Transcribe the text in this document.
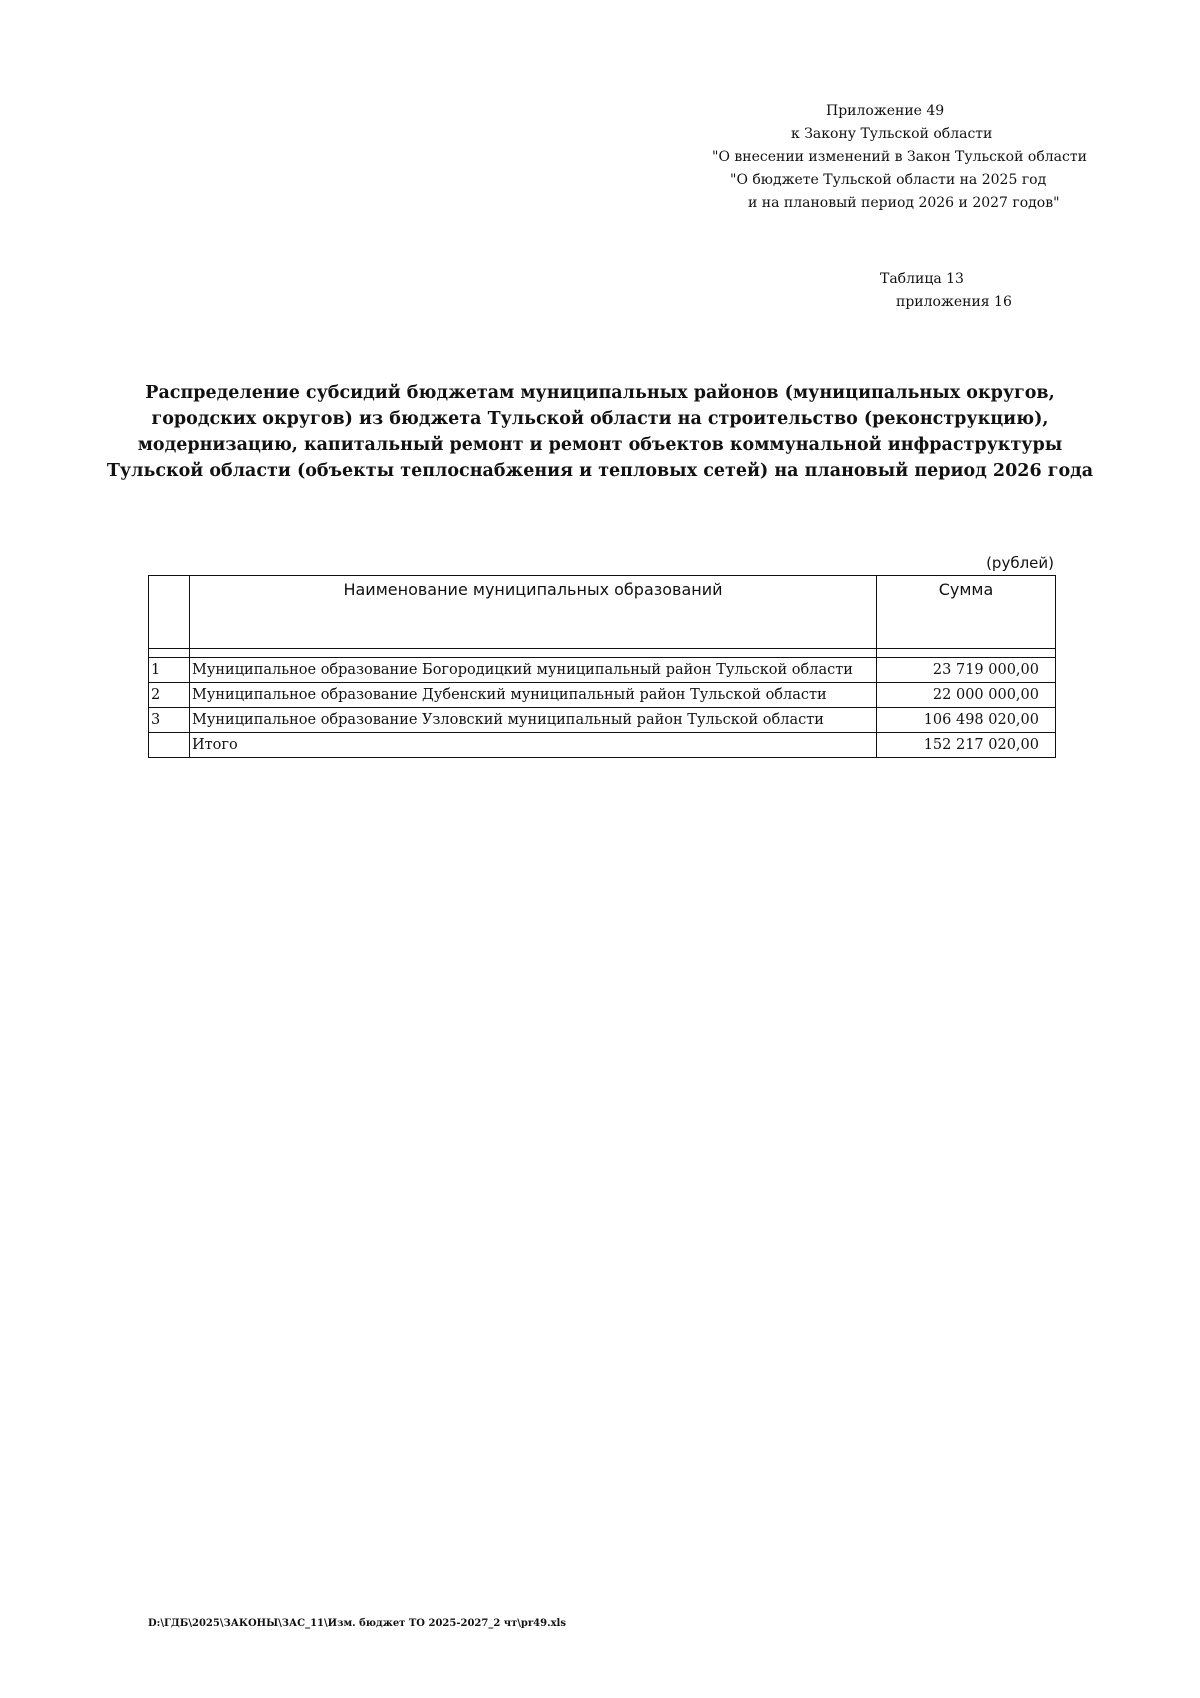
Приложение 49
к Закону Тульской области
"О внесении изменений в Закон Тульской области
"О бюджете Тульской области на 2025 год
и на плановый период 2026 и 2027 годов"
Таблица 13
приложения 16
Распределение субсидий бюджетам муниципальных районов (муниципальных округов,
городских округов) из бюджета Тульской области на строительство (реконструкцию),
модернизацию, капитальный ремонт и ремонт объектов коммунальной инфраструктуры
Тульской области (объекты теплоснабжения и тепловых сетей) на плановый период 2026 года
(рублей)
	Наименование муниципальных образований	Сумма

1	Муниципальное образование Богородицкий муниципальный район Тульской области	23 719 000,00
2	Муниципальное образование Дубенский муниципальный район Тульской области	22 000 000,00
3	Муниципальное образование Узловский муниципальный район Тульской области	106 498 020,00
	Итого	152 217 020,00
D:\ГДБ\2025\ЗАКОНЫ\ЗАС_11\Изм. бюджет ТО 2025-2027_2 чт\pr49.xls
